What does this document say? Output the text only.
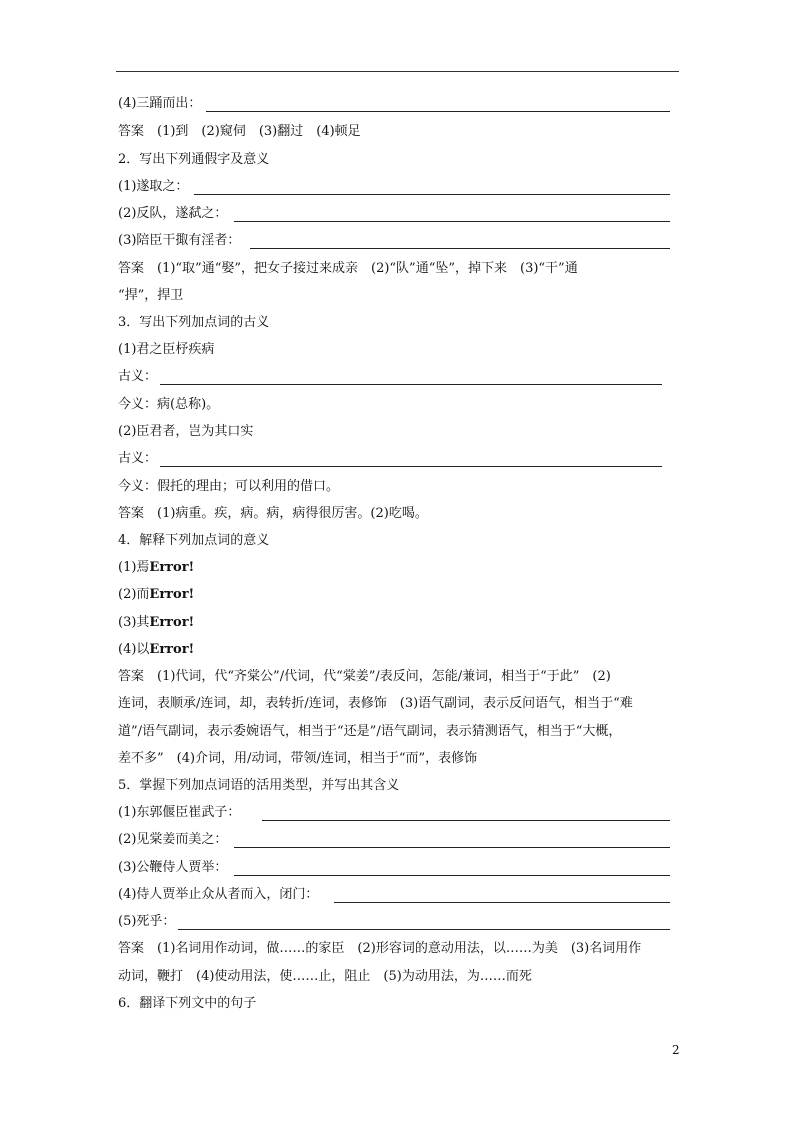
(4)三踊而出：
答案　(1)到　(2)窥伺　(3)翻过　(4)顿足
2．写出下列通假字及意义
(1)遂取之：
(2)反队，遂弑之：
(3)陪臣干掫有淫者：
答案　(1)“取”通“娶”，把女子接过来成亲　(2)“队”通“坠”，掉下来　(3)“干”通
“捍”，捍卫
3．写出下列加点词的古义
(1)君之臣杼疾病
古义：
今义：病(总称)。
(2)臣君者，岂为其口实
古义：
今义：假托的理由；可以利用的借口。
答案　(1)病重。疾，病。病，病得很厉害。(2)吃喝。
4．解释下列加点词的意义
(1)焉Error!
(2)而Error!
(3)其Error!
(4)以Error!
答案　(1)代词，代“齐棠公”/代词，代“棠姜”/表反问，怎能/兼词，相当于“于此”　(2)
连词，表顺承/连词，却，表转折/连词，表修饰　(3)语气副词，表示反问语气，相当于“难
道”/语气副词，表示委婉语气，相当于“还是”/语气副词，表示猜测语气，相当于“大概，
差不多”　(4)介词，用/动词，带领/连词，相当于“而”，表修饰
5．掌握下列加点词语的活用类型，并写出其含义
(1)东郭偃臣崔武子：
(2)见棠姜而美之：
(3)公鞭侍人贾举：
(4)侍人贾举止众从者而入，闭门：
(5)死乎：
答案　(1)名词用作动词，做……的家臣　(2)形容词的意动用法，以……为美　(3)名词用作
动词，鞭打　(4)使动用法，使……止，阻止　(5)为动用法，为……而死
6．翻译下列文中的句子
2
